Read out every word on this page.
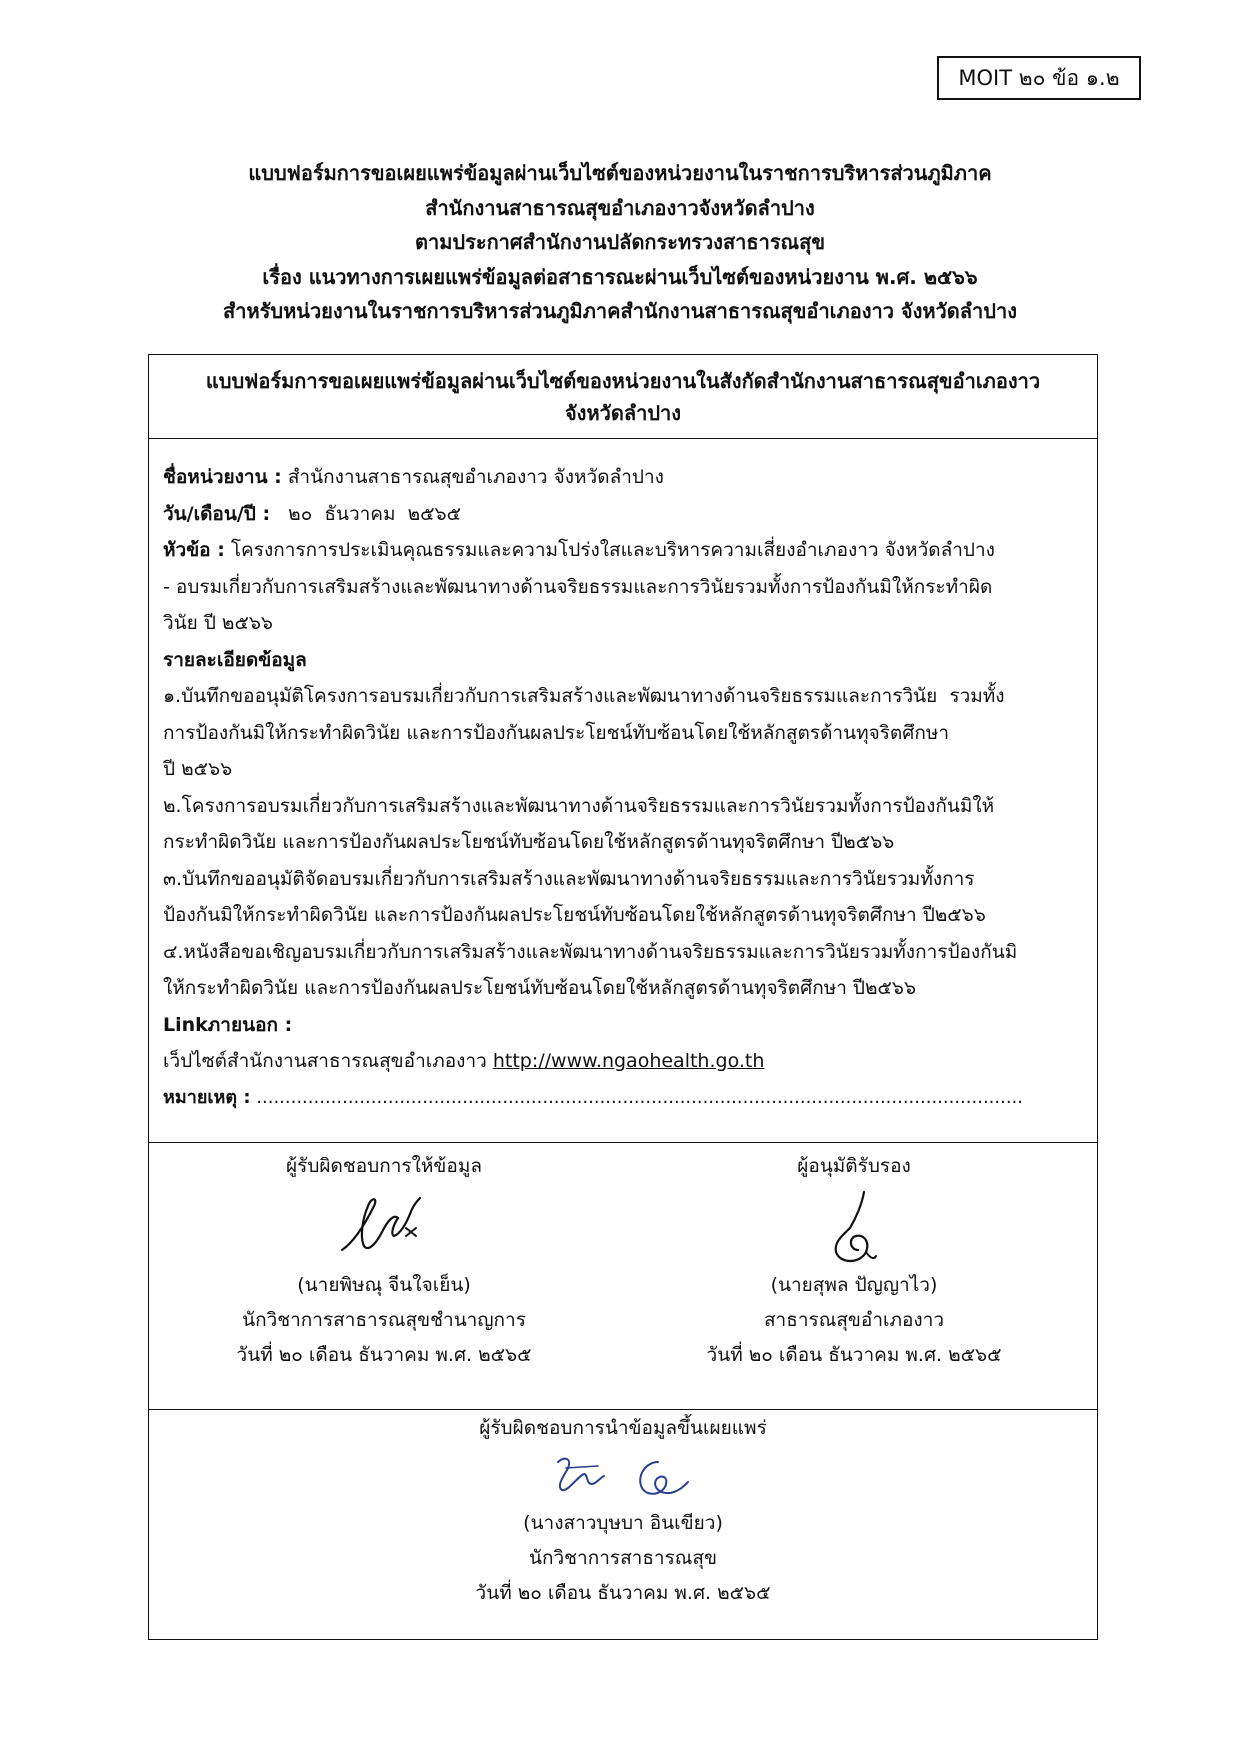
MOIT ๒๐ ข้อ ๑.๒
แบบฟอร์มการขอเผยแพร่ข้อมูลผ่านเว็บไซต์ของหน่วยงานในราชการบริหารส่วนภูมิภาค
สำนักงานสาธารณสุขอำเภองาวจังหวัดลำปาง
ตามประกาศสำนักงานปลัดกระทรวงสาธารณสุข
เรื่อง แนวทางการเผยแพร่ข้อมูลต่อสาธารณะผ่านเว็บไซต์ของหน่วยงาน พ.ศ. ๒๕๖๖
สำหรับหน่วยงานในราชการบริหารส่วนภูมิภาคสำนักงานสาธารณสุขอำเภองาว จังหวัดลำปาง
แบบฟอร์มการขอเผยแพร่ข้อมูลผ่านเว็บไซต์ของหน่วยงานในสังกัดสำนักงานสาธารณสุขอำเภองาว
จังหวัดลำปาง
ชื่อหน่วยงาน : สำนักงานสาธารณสุขอำเภองาว จังหวัดลำปาง
วัน/เดือน/ปี :   ๒๐  ธันวาคม  ๒๕๖๕
หัวข้อ : โครงการการประเมินคุณธรรมและความโปร่งใสและบริหารความเสี่ยงอำเภองาว จังหวัดลำปาง
- อบรมเกี่ยวกับการเสริมสร้างและพัฒนาทางด้านจริยธรรมและการวินัยรวมทั้งการป้องกันมิให้กระทำผิด
วินัย ปี ๒๕๖๖
รายละเอียดข้อมูล
๑.บันทึกขออนุมัติโครงการอบรมเกี่ยวกับการเสริมสร้างและพัฒนาทางด้านจริยธรรมและการวินัย  รวมทั้ง
การป้องกันมิให้กระทำผิดวินัย และการป้องกันผลประโยชน์ทับซ้อนโดยใช้หลักสูตรด้านทุจริตศึกษา
ปี ๒๕๖๖
๒.โครงการอบรมเกี่ยวกับการเสริมสร้างและพัฒนาทางด้านจริยธรรมและการวินัยรวมทั้งการป้องกันมิให้
กระทำผิดวินัย และการป้องกันผลประโยชน์ทับซ้อนโดยใช้หลักสูตรด้านทุจริตศึกษา ปี๒๕๖๖
๓.บันทึกขออนุมัติจัดอบรมเกี่ยวกับการเสริมสร้างและพัฒนาทางด้านจริยธรรมและการวินัยรวมทั้งการ
ป้องกันมิให้กระทำผิดวินัย และการป้องกันผลประโยชน์ทับซ้อนโดยใช้หลักสูตรด้านทุจริตศึกษา ปี๒๕๖๖
๔.หนังสือขอเชิญอบรมเกี่ยวกับการเสริมสร้างและพัฒนาทางด้านจริยธรรมและการวินัยรวมทั้งการป้องกันมิ
ให้กระทำผิดวินัย และการป้องกันผลประโยชน์ทับซ้อนโดยใช้หลักสูตรด้านทุจริตศึกษา ปี๒๕๖๖
Linkภายนอก :
เว็ปไซต์สำนักงานสาธารณสุขอำเภองาว http://www.ngaohealth.go.th
หมายเหตุ : ......................................................................................................................................
ผู้รับผิดชอบการให้ข้อมูล
(นายพิษณุ จีนใจเย็น)
นักวิชาการสาธารณสุขชำนาญการ
วันที่ ๒๐ เดือน ธันวาคม พ.ศ. ๒๕๖๕
ผู้อนุมัติรับรอง
(นายสุพล ปัญญาไว)
สาธารณสุขอำเภองาว
วันที่ ๒๐ เดือน ธันวาคม พ.ศ. ๒๕๖๕
ผู้รับผิดชอบการนำข้อมูลขึ้นเผยแพร่
(นางสาวบุษบา อินเขียว)
นักวิชาการสาธารณสุข
วันที่ ๒๐ เดือน ธันวาคม พ.ศ. ๒๕๖๕
